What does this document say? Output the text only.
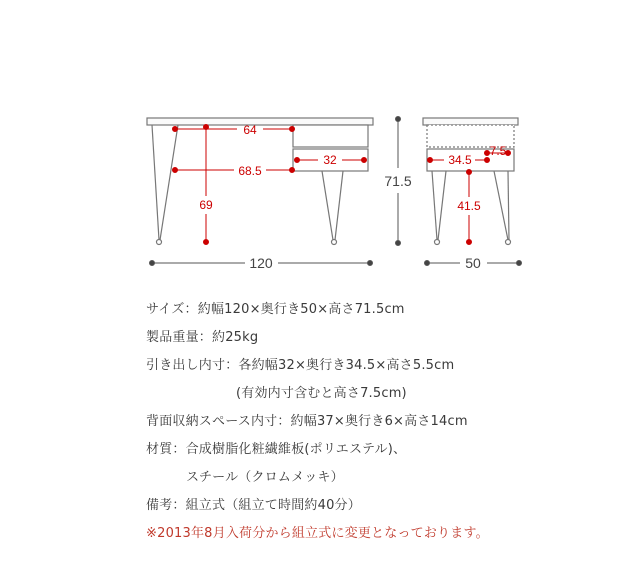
64
32
68.5
69
120
71.5
34.5
7.5
41.5
50
サイズ：約幅120×奥行き50×高さ71.5cm
製品重量：約25kg
引き出し内寸：各約幅32×奥行き34.5×高さ5.5cm
(有効内寸含むと高さ7.5cm)
背面収納スペース内寸：約幅37×奥行き6×高さ14cm
材質：合成樹脂化粧繊維板(ポリエステル)、
スチール（クロムメッキ）
備考：組立式（組立て時間約40分）
※2013年8月入荷分から組立式に変更となっております。
